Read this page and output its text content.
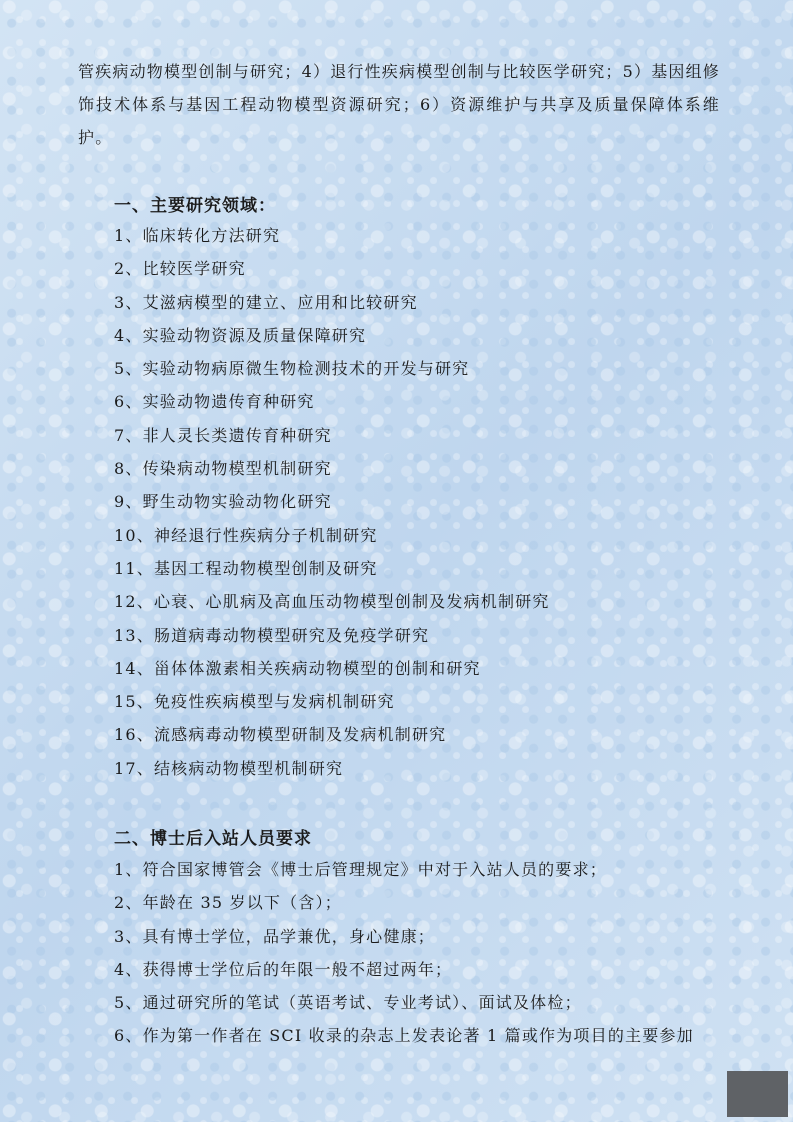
管疾病动物模型创制与研究；4）退行性疾病模型创制与比较医学研究；5）基因组修饰技术体系与基因工程动物模型资源研究；6）资源维护与共享及质量保障体系维护。

一、主要研究领域：
1、临床转化方法研究
2、比较医学研究
3、艾滋病模型的建立、应用和比较研究
4、实验动物资源及质量保障研究
5、实验动物病原微生物检测技术的开发与研究
6、实验动物遗传育种研究
7、非人灵长类遗传育种研究
8、传染病动物模型机制研究
9、野生动物实验动物化研究
10、神经退行性疾病分子机制研究
11、基因工程动物模型创制及研究
12、心衰、心肌病及高血压动物模型创制及发病机制研究
13、肠道病毒动物模型研究及免疫学研究
14、甾体体激素相关疾病动物模型的创制和研究
15、免疫性疾病模型与发病机制研究
16、流感病毒动物模型研制及发病机制研究
17、结核病动物模型机制研究
二、博士后入站人员要求
1、符合国家博管会《博士后管理规定》中对于入站人员的要求；
2、年龄在 35 岁以下（含）；
3、具有博士学位，品学兼优，身心健康；
4、获得博士学位后的年限一般不超过两年；
5、通过研究所的笔试（英语考试、专业考试）、面试及体检；
6、作为第一作者在 SCI 收录的杂志上发表论著 1 篇或作为项目的主要参加
